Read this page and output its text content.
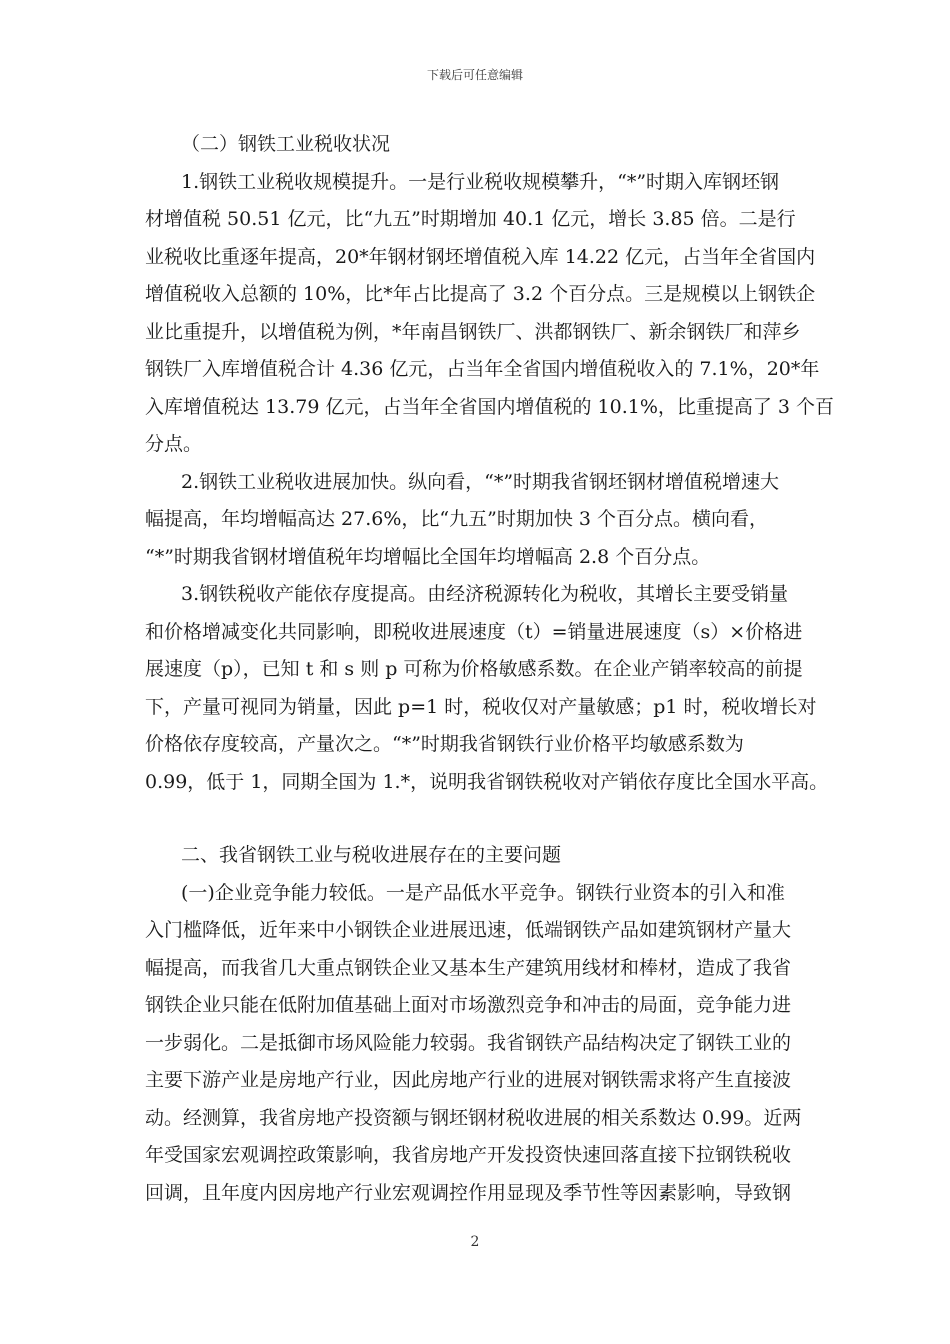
下载后可任意编辑
（二）钢铁工业税收状况
1.钢铁工业税收规模提升。一是行业税收规模攀升，“*”时期入库钢坯钢
材增值税 50.51 亿元，比“九五”时期增加 40.1 亿元，增长 3.85 倍。二是行
业税收比重逐年提高，20*年钢材钢坯增值税入库 14.22 亿元，占当年全省国内
增值税收入总额的 10%，比*年占比提高了 3.2 个百分点。三是规模以上钢铁企
业比重提升，以增值税为例，*年南昌钢铁厂、洪都钢铁厂、新余钢铁厂和萍乡
钢铁厂入库增值税合计 4.36 亿元，占当年全省国内增值税收入的 7.1%，20*年
入库增值税达 13.79 亿元，占当年全省国内增值税的 10.1%，比重提高了 3 个百
分点。
2.钢铁工业税收进展加快。纵向看，“*”时期我省钢坯钢材增值税增速大
幅提高，年均增幅高达 27.6%，比“九五”时期加快 3 个百分点。横向看，
“*”时期我省钢材增值税年均增幅比全国年均增幅高 2.8 个百分点。
3.钢铁税收产能依存度提高。由经济税源转化为税收，其增长主要受销量
和价格增减变化共同影响，即税收进展速度（t）=销量进展速度（s）×价格进
展速度（p），已知 t 和 s 则 p 可称为价格敏感系数。在企业产销率较高的前提
下，产量可视同为销量，因此 p=1 时，税收仅对产量敏感；p1 时，税收增长对
价格依存度较高，产量次之。“*”时期我省钢铁行业价格平均敏感系数为
0.99，低于 1，同期全国为 1.*，说明我省钢铁税收对产销依存度比全国水平高。
二、我省钢铁工业与税收进展存在的主要问题
(一)企业竞争能力较低。一是产品低水平竞争。钢铁行业资本的引入和准
入门槛降低，近年来中小钢铁企业进展迅速，低端钢铁产品如建筑钢材产量大
幅提高，而我省几大重点钢铁企业又基本生产建筑用线材和棒材，造成了我省
钢铁企业只能在低附加值基础上面对市场激烈竞争和冲击的局面，竞争能力进
一步弱化。二是抵御市场风险能力较弱。我省钢铁产品结构决定了钢铁工业的
主要下游产业是房地产行业，因此房地产行业的进展对钢铁需求将产生直接波
动。经测算，我省房地产投资额与钢坯钢材税收进展的相关系数达 0.99。近两
年受国家宏观调控政策影响，我省房地产开发投资快速回落直接下拉钢铁税收
回调，且年度内因房地产行业宏观调控作用显现及季节性等因素影响，导致钢
2
